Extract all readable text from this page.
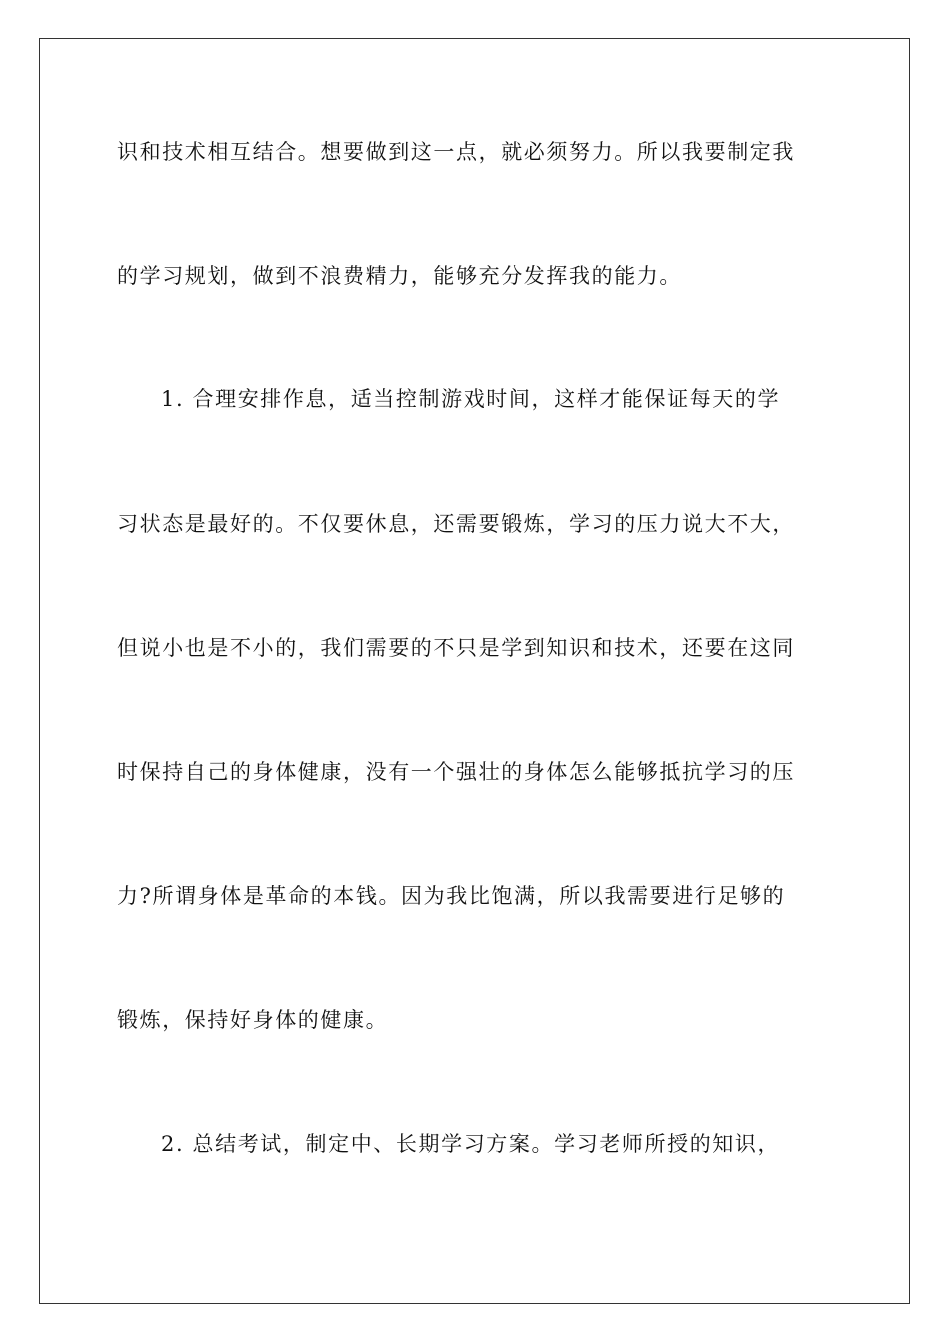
识和技术相互结合。想要做到这一点，就必须努力。所以我要制定我
的学习规划，做到不浪费精力，能够充分发挥我的能力。
1. 合理安排作息，适当控制游戏时间，这样才能保证每天的学
习状态是最好的。不仅要休息，还需要锻炼，学习的压力说大不大，
但说小也是不小的，我们需要的不只是学到知识和技术，还要在这同
时保持自己的身体健康，没有一个强壮的身体怎么能够抵抗学习的压
力?所谓身体是革命的本钱。因为我比饱满，所以我需要进行足够的
锻炼，保持好身体的健康。
2. 总结考试，制定中、长期学习方案。学习老师所授的知识，
